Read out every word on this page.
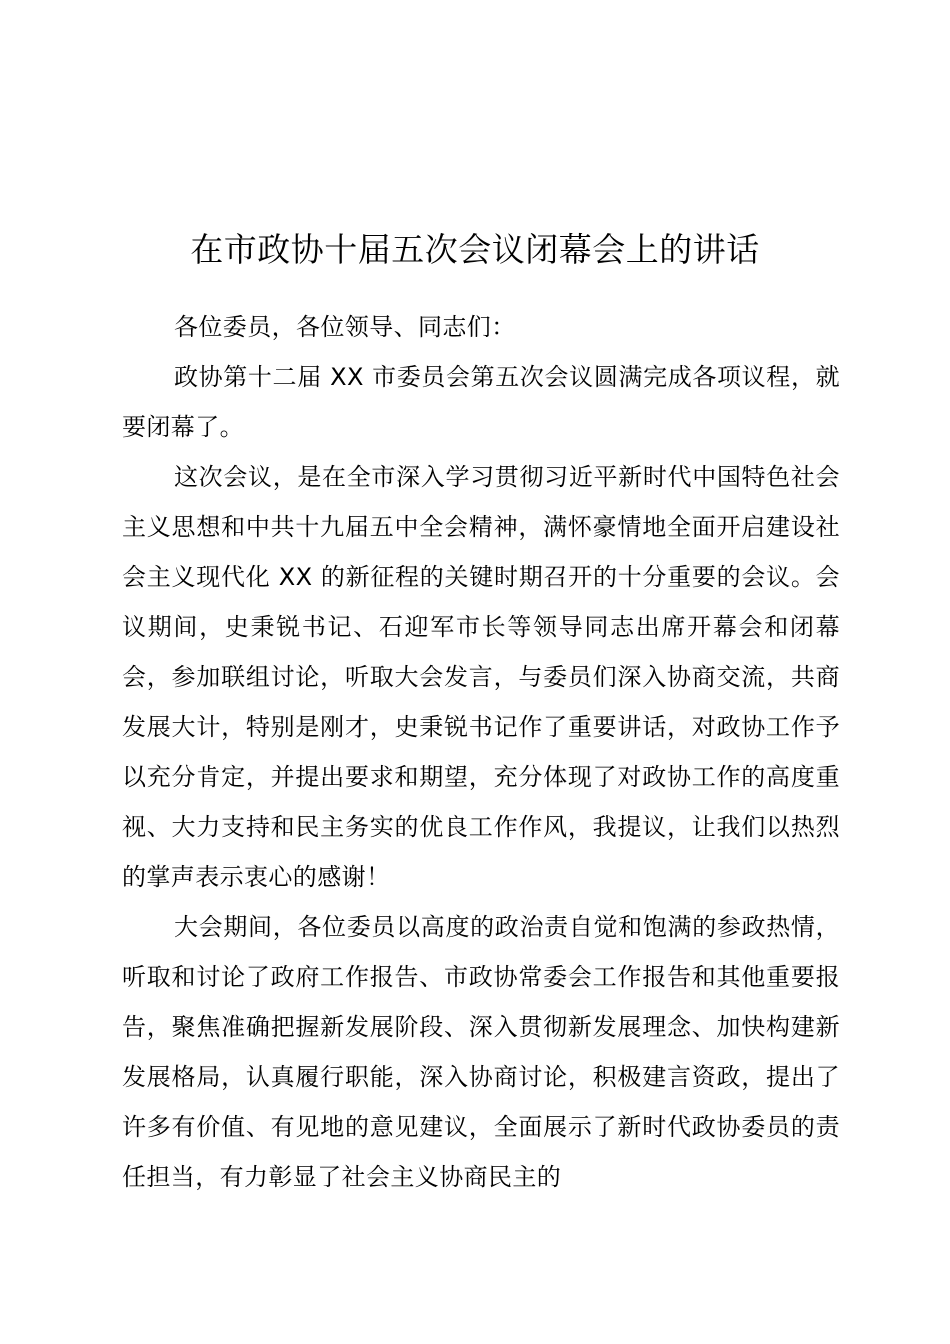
在市政协十届五次会议闭幕会上的讲话

各位委员，各位领导、同志们：

政协第十二届 XX 市委员会第五次会议圆满完成各项议程，就要闭幕了。

这次会议，是在全市深入学习贯彻习近平新时代中国特色社会主义思想和中共十九届五中全会精神，满怀豪情地全面开启建设社会主义现代化 XX 的新征程的关键时期召开的十分重要的会议。会议期间，史秉锐书记、石迎军市长等领导同志出席开幕会和闭幕会，参加联组讨论，听取大会发言，与委员们深入协商交流，共商发展大计，特别是刚才，史秉锐书记作了重要讲话，对政协工作予以充分肯定，并提出要求和期望，充分体现了对政协工作的高度重视、大力支持和民主务实的优良工作作风，我提议，让我们以热烈的掌声表示衷心的感谢！

大会期间，各位委员以高度的政治责自觉和饱满的参政热情，听取和讨论了政府工作报告、市政协常委会工作报告和其他重要报告，聚焦准确把握新发展阶段、深入贯彻新发展理念、加快构建新发展格局，认真履行职能，深入协商讨论，积极建言资政，提出了许多有价值、有见地的意见建议，全面展示了新时代政协委员的责任担当，有力彰显了社会主义协商民主的
